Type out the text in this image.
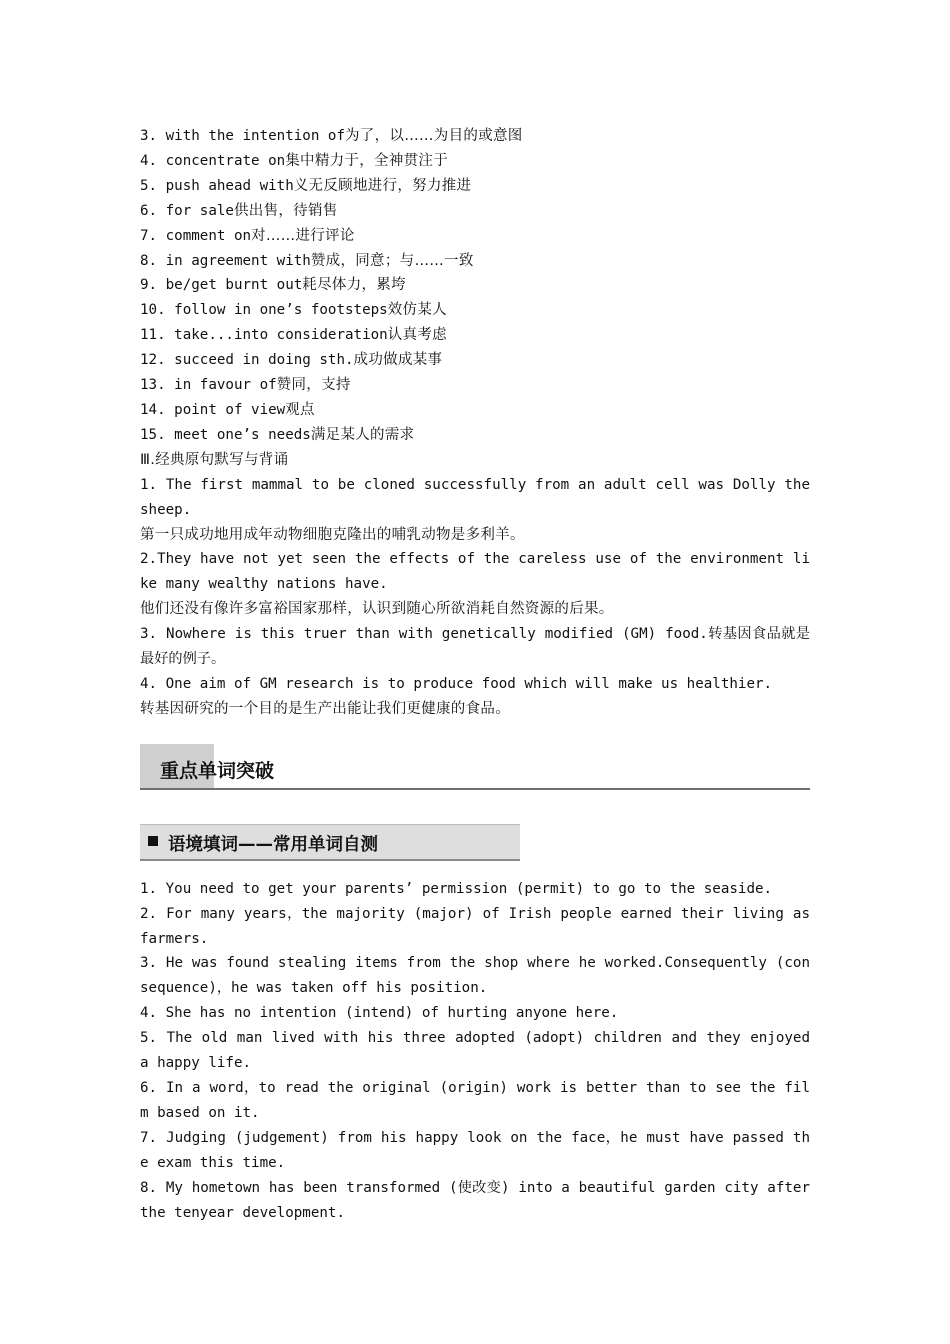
3. with the intention of为了，以……为目的或意图

4. concentrate on集中精力于，全神贯注于

5. push ahead with义无反顾地进行，努力推进

6. for sale供出售，待销售

7. comment on对……进行评论

8. in agreement with赞成，同意；与……一致

9. be/get burnt out耗尽体力，累垮

10. follow in one’s footsteps效仿某人

11. take...into consideration认真考虑

12. succeed in doing sth.成功做成某事

13. in favour of赞同，支持

14. point of view观点

15. meet one’s needs满足某人的需求

Ⅲ.经典原句默写与背诵

1. The first mammal to be cloned successfully from an adult cell was Dolly the sheep.

第一只成功地用成年动物细胞克隆出的哺乳动物是多利羊。

2.They have not yet seen the effects of the careless use of the environment like many wealthy nations have.

他们还没有像许多富裕国家那样，认识到随心所欲消耗自然资源的后果。

3. Nowhere is this truer than with genetically modified (GM) food.转基因食品就是最好的例子。

4. One aim of GM research is to produce food which will make us healthier.

转基因研究的一个目的是生产出能让我们更健康的食品。

重点单词突破
语境填词——常用单词自测

1. You need to get your parents’ permission (permit) to go to the seaside.

2. For many years，the majority (major) of Irish people earned their living as farmers.

3. He was found stealing items from the shop where he worked.Consequently (consequence)，he was taken off his position.

4. She has no intention (intend) of hurting anyone here.

5. The old man lived with his three adopted (adopt) children and they enjoyed a happy life.

6. In a word，to read the original (origin) work is better than to see the film based on it.

7. Judging (judgement) from his happy look on the face，he must have passed the exam this time.

8. My hometown has been transformed (使改变) into a beautiful garden city after the tenyear development.
